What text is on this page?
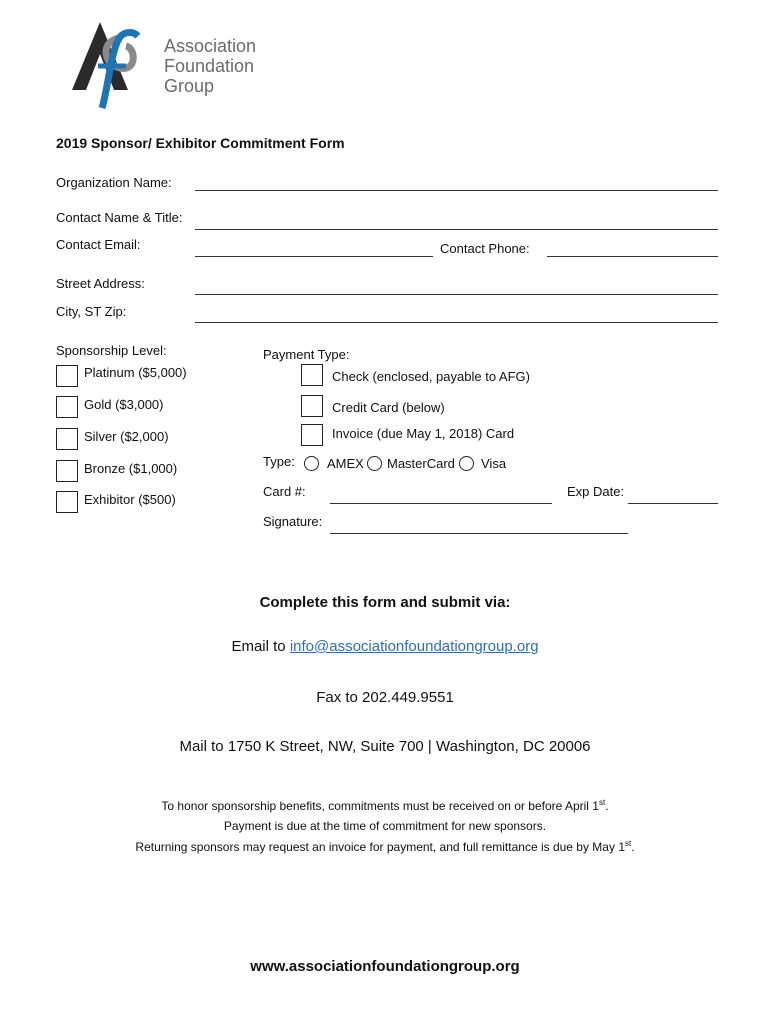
Association
Foundation
Group
2019 Sponsor/ Exhibitor Commitment Form
Organization Name:
Contact Name & Title:
Contact Email:	Contact Phone:
Street Address:
City, ST Zip:
Sponsorship Level:
Platinum ($5,000)
Gold ($3,000)
Silver ($2,000)
Bronze ($1,000)
Exhibitor ($500)
Payment Type:
Check (enclosed, payable to AFG)
Credit Card (below)
Invoice (due May 1, 2018) Card
Type: AMEX MasterCard Visa
Card #:	Exp Date:
Signature:
Complete this form and submit via:
Email to info@associationfoundationgroup.org
Fax to 202.449.9551
Mail to 1750 K Street, NW, Suite 700 | Washington, DC 20006
To honor sponsorship benefits, commitments must be received on or before April 1st.
Payment is due at the time of commitment for new sponsors.
Returning sponsors may request an invoice for payment, and full remittance is due by May 1st.
www.associationfoundationgroup.org
